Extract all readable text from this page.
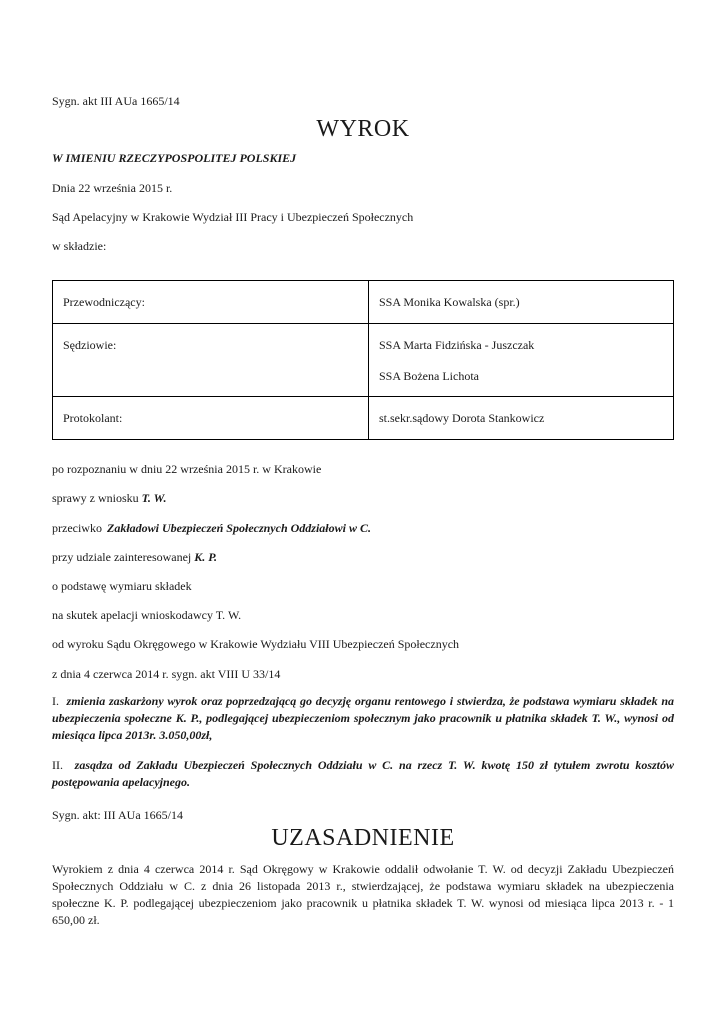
Sygn. akt III AUa 1665/14
WYROK
W IMIENIU RZECZYPOSPOLITEJ POLSKIEJ
Dnia 22 września 2015 r.
Sąd Apelacyjny w Krakowie Wydział III Pracy i Ubezpieczeń Społecznych
w składzie:
Przewodniczący:	SSA Monika Kowalska (spr.)

Sędziowie:	SSA Marta Fidzińska - Juszczak
SSA Bożena Lichota

Protokolant:	st.sekr.sądowy Dorota Stankowicz
po rozpoznaniu w dniu 22 września 2015 r. w Krakowie
sprawy z wniosku T. W.
przeciwko Zakładowi Ubezpieczeń Społecznych Oddziałowi w C.
przy udziale zainteresowanej K. P.
o podstawę wymiaru składek
na skutek apelacji wnioskodawcy T. W.
od wyroku Sądu Okręgowego w Krakowie Wydziału VIII Ubezpieczeń Społecznych
z dnia 4 czerwca 2014 r. sygn. akt VIII U 33/14
I. zmienia zaskarżony wyrok oraz poprzedzającą go decyzję organu rentowego i stwierdza, że podstawa wymiaru składek na ubezpieczenia społeczne K. P., podlegającej ubezpieczeniom społecznym jako pracownik u płatnika składek T. W., wynosi od miesiąca lipca 2013r. 3.050,00zł,
II. zasądza od Zakładu Ubezpieczeń Społecznych Oddziału w C. na rzecz T. W. kwotę 150 zł tytułem zwrotu kosztów postępowania apelacyjnego.
Sygn. akt: III AUa 1665/14
UZASADNIENIE
Wyrokiem z dnia 4 czerwca 2014 r. Sąd Okręgowy w Krakowie oddalił odwołanie T. W. od decyzji Zakładu Ubezpieczeń Społecznych Oddziału w C. z dnia 26 listopada 2013 r., stwierdzającej, że podstawa wymiaru składek na ubezpieczenia społeczne K. P. podlegającej ubezpieczeniom jako pracownik u płatnika składek T. W. wynosi od miesiąca lipca 2013 r. - 1 650,00 zł.
